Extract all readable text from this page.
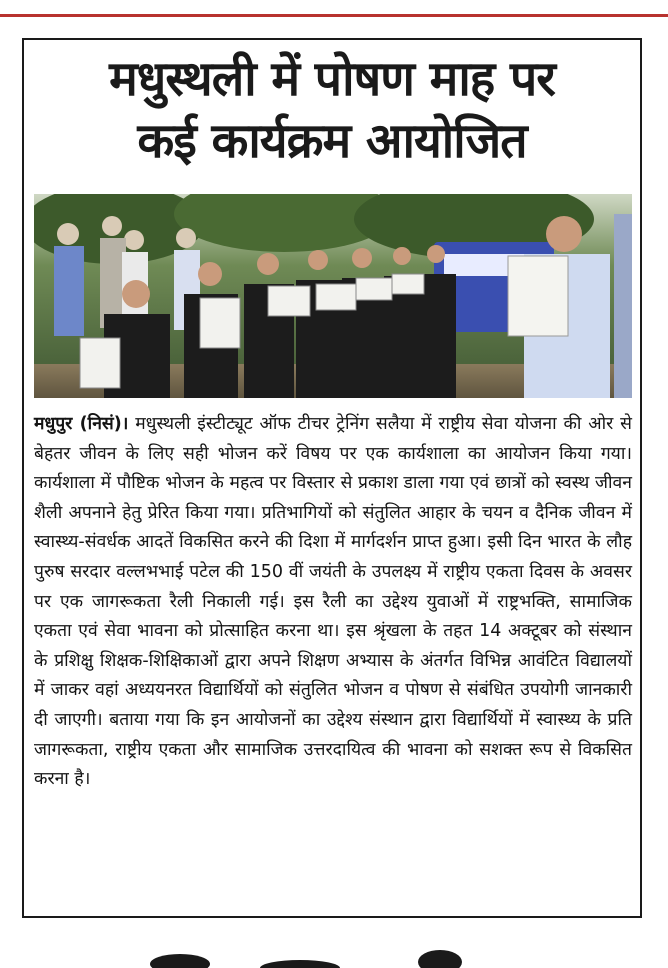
मधुस्थली में पोषण माह पर
कई कार्यक्रम आयोजित

मधुपुर (निसं)। मधुस्थली इंस्टीट्यूट ऑफ टीचर ट्रेनिंग सलैया में राष्ट्रीय सेवा योजना की ओर से बेहतर जीवन के लिए सही भोजन करें विषय पर एक कार्यशाला का आयोजन किया गया। कार्यशाला में पौष्टिक भोजन के महत्व पर विस्तार से प्रकाश डाला गया एवं छात्रों को स्वस्थ जीवन शैली अपनाने हेतु प्रेरित किया गया। प्रतिभागियों को संतुलित आहार के चयन व दैनिक जीवन में स्वास्थ्य-संवर्धक आदतें विकसित करने की दिशा में मार्गदर्शन प्राप्त हुआ। इसी दिन भारत के लौह पुरुष सरदार वल्लभभाई पटेल की 150 वीं जयंती के उपलक्ष्य में राष्ट्रीय एकता दिवस के अवसर पर एक जागरूकता रैली निकाली गई। इस रैली का उद्देश्य युवाओं में राष्ट्रभक्ति, सामाजिक एकता एवं सेवा भावना को प्रोत्साहित करना था। इस श्रृंखला के तहत 14 अक्टूबर को संस्थान के प्रशिक्षु शिक्षक-शिक्षिकाओं द्वारा अपने शिक्षण अभ्यास के अंतर्गत विभिन्न आवंटित विद्यालयों में जाकर वहां अध्ययनरत विद्यार्थियों को संतुलित भोजन व पोषण से संबंधित उपयोगी जानकारी दी जाएगी। बताया गया कि इन आयोजनों का उद्देश्य संस्थान द्वारा विद्यार्थियों में स्वास्थ्य के प्रति जागरूकता, राष्ट्रीय एकता और सामाजिक उत्तरदायित्व की भावना को सशक्त रूप से विकसित करना है।
